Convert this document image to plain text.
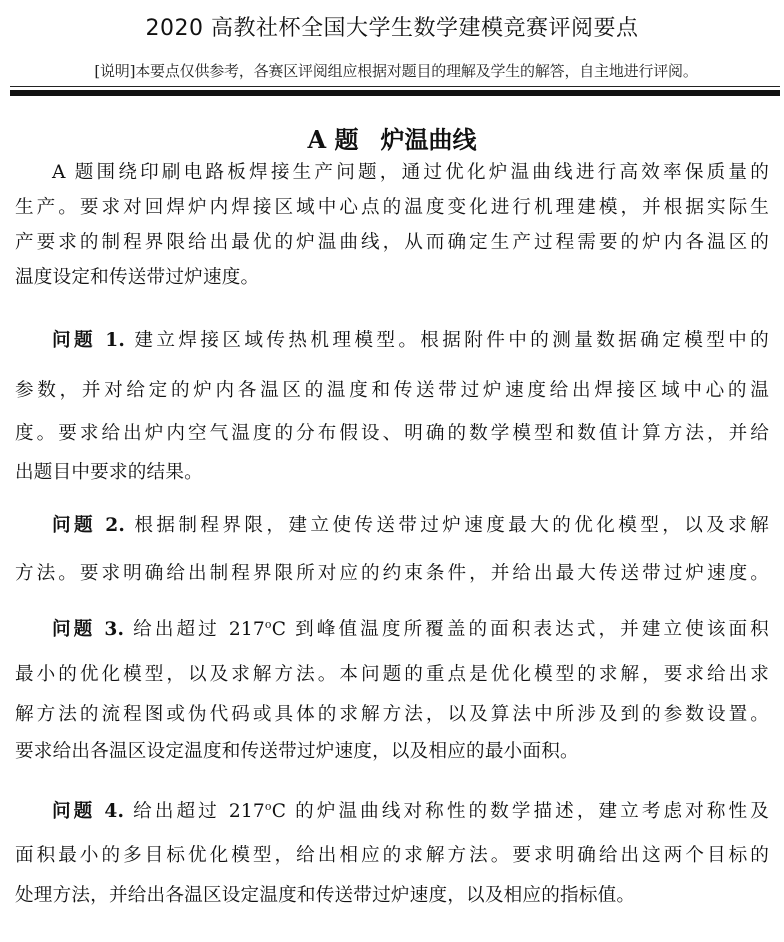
2020 高教社杯全国大学生数学建模竞赛评阅要点
[说明]本要点仅供参考，各赛区评阅组应根据对题目的理解及学生的解答，自主地进行评阅。
A 题 炉温曲线
A 题围绕印刷电路板焊接生产问题，通过优化炉温曲线进行高效率保质量的
生产。要求对回焊炉内焊接区域中心点的温度变化进行机理建模，并根据实际生
产要求的制程界限给出最优的炉温曲线，从而确定生产过程需要的炉内各温区的
温度设定和传送带过炉速度。
问题 1. 建立焊接区域传热机理模型。根据附件中的测量数据确定模型中的
参数，并对给定的炉内各温区的温度和传送带过炉速度给出焊接区域中心的温
度。要求给出炉内空气温度的分布假设、明确的数学模型和数值计算方法，并给
出题目中要求的结果。
问题 2. 根据制程界限，建立使传送带过炉速度最大的优化模型，以及求解
方法。要求明确给出制程界限所对应的约束条件，并给出最大传送带过炉速度。
问题 3. 给出超过 217$^o$C 到峰值温度所覆盖的面积表达式，并建立使该面积
最小的优化模型，以及求解方法。本问题的重点是优化模型的求解，要求给出求
解方法的流程图或伪代码或具体的求解方法，以及算法中所涉及到的参数设置。
要求给出各温区设定温度和传送带过炉速度，以及相应的最小面积。
问题 4. 给出超过 217$^o$C 的炉温曲线对称性的数学描述，建立考虑对称性及
面积最小的多目标优化模型，给出相应的求解方法。要求明确给出这两个目标的
处理方法，并给出各温区设定温度和传送带过炉速度，以及相应的指标值。
